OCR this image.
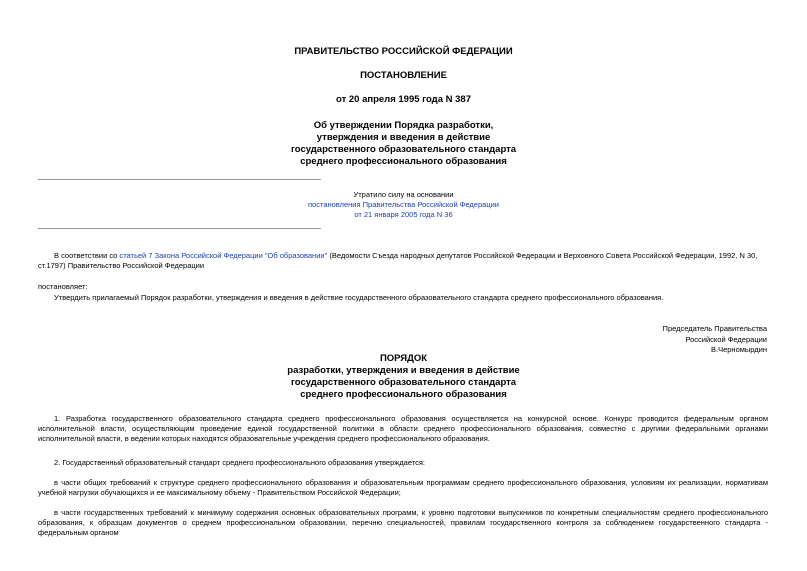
ПРАВИТЕЛЬСТВО РОССИЙСКОЙ ФЕДЕРАЦИИ
ПОСТАНОВЛЕНИЕ
от 20 апреля 1995 года N 387
Об утверждении Порядка разработки,
утверждения и введения в действие
государственного образовательного стандарта
среднего профессионального образования
Утратило силу на основании
постановления Правительства Российской Федерации
от 21 января 2005 года N 36
В соответствии со статьей 7 Закона Российской Федерации "Об образовании" (Ведомости Съезда народных депутатов Российской Федерации и Верховного Совета Российской Федерации, 1992, N 30, ст.1797) Правительство Российской Федерации
постановляет:
Утвердить прилагаемый Порядок разработки, утверждения и введения в действие государственного образовательного стандарта среднего профессионального образования.
Председатель Правительства
Российской Федерации
В.Черномырдин
ПОРЯДОК
разработки, утверждения и введения в действие
государственного образовательного стандарта
среднего профессионального образования
1. Разработка государственного образовательного стандарта среднего профессионального образования осуществляется на конкурсной основе. Конкурс проводится федеральным органом исполнительной власти, осуществляющим проведение единой государственной политики в области среднего профессионального образования, совместно с другими федеральными органами исполнительной власти, в ведении которых находятся образовательные учреждения среднего профессионального образования.
2. Государственный образовательный стандарт среднего профессионального образования утверждается:
в части общих требований к структуре среднего профессионального образования и образовательным программам среднего профессионального образования, условиям их реализации, нормативам учебной нагрузки обучающихся и ее максимальному объему - Правительством Российской Федерации;
в части государственных требований к минимуму содержания основных образовательных программ, к уровню подготовки выпускников по конкретным специальностям среднего профессионального образования, к образцам документов о среднем профессиональном образовании, перечню специальностей, правилам государственного контроля за соблюдением государственного стандарта - федеральным органом
